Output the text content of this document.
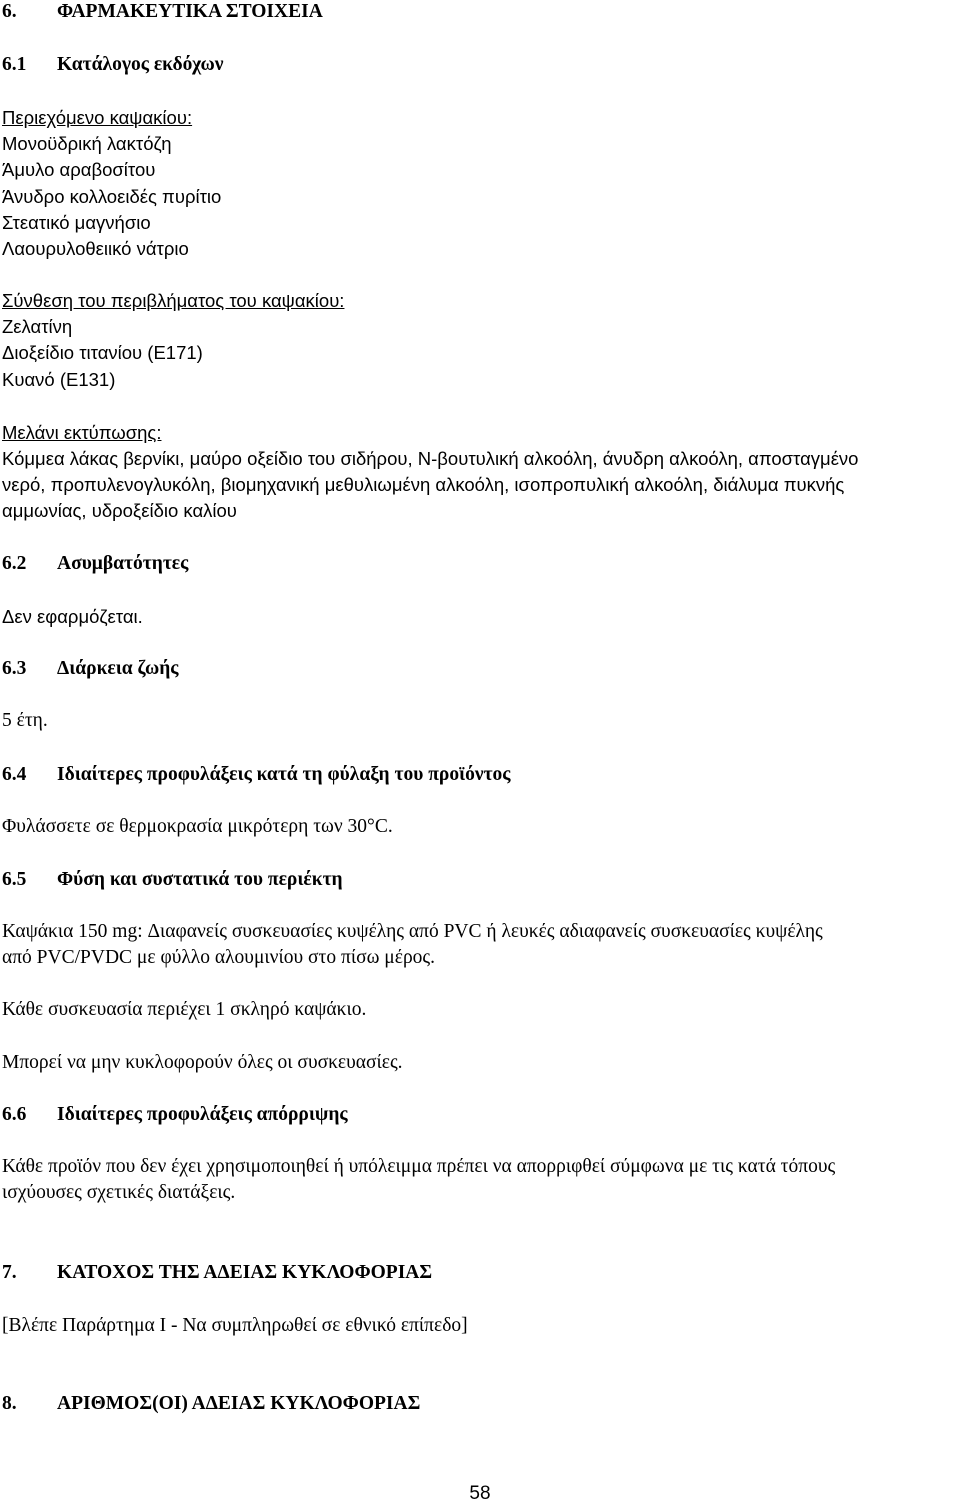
6. ΦΑΡΜΑΚΕΥΤΙΚΑ ΣΤΟΙΧΕΙΑ
6.1 Κατάλογος εκδόχων
Περιεχόμενο καψακίου:
Μονοϋδρική λακτόζη
Άμυλο αραβοσίτου
Άνυδρο κολλοειδές πυρίτιο
Στεατικό μαγνήσιο
Λαουρυλοθειικό νάτριο
Σύνθεση του περιβλήματος του καψακίου:
Ζελατίνη
Διοξείδιο τιτανίου (E171)
Κυανό (E131)
Μελάνι εκτύπωσης:
Κόμμεα λάκας βερνίκι, μαύρο οξείδιο του σιδήρου, Ν-βουτυλική αλκοόλη, άνυδρη αλκοόλη, αποσταγμένο
νερό, προπυλενογλυκόλη, βιομηχανική μεθυλιωμένη αλκοόλη, ισοπροπυλική αλκοόλη, διάλυμα πυκνής
αμμωνίας, υδροξείδιο καλίου
6.2 Ασυμβατότητες
Δεν εφαρμόζεται.
6.3 Διάρκεια ζωής
5 έτη.
6.4 Ιδιαίτερες προφυλάξεις κατά τη φύλαξη του προϊόντος
Φυλάσσετε σε θερμοκρασία μικρότερη των 30°C.
6.5 Φύση και συστατικά του περιέκτη
Καψάκια 150 mg: Διαφανείς συσκευασίες κυψέλης από PVC ή λευκές αδιαφανείς συσκευασίες κυψέλης
από PVC/PVDC με φύλλο αλουμινίου στο πίσω μέρος.
Κάθε συσκευασία περιέχει 1 σκληρό καψάκιο.
Μπορεί να μην κυκλοφορούν όλες οι συσκευασίες.
6.6 Ιδιαίτερες προφυλάξεις απόρριψης
Κάθε προϊόν που δεν έχει χρησιμοποιηθεί ή υπόλειμμα πρέπει να απορριφθεί σύμφωνα με τις κατά τόπους
ισχύουσες σχετικές διατάξεις.
7. ΚΑΤΟΧΟΣ ΤΗΣ ΑΔΕΙΑΣ ΚΥΚΛΟΦΟΡΙΑΣ
[Βλέπε Παράρτημα I - Να συμπληρωθεί σε εθνικό επίπεδο]
8. ΑΡΙΘΜΟΣ(ΟΙ) ΑΔΕΙΑΣ ΚΥΚΛΟΦΟΡΙΑΣ
58
